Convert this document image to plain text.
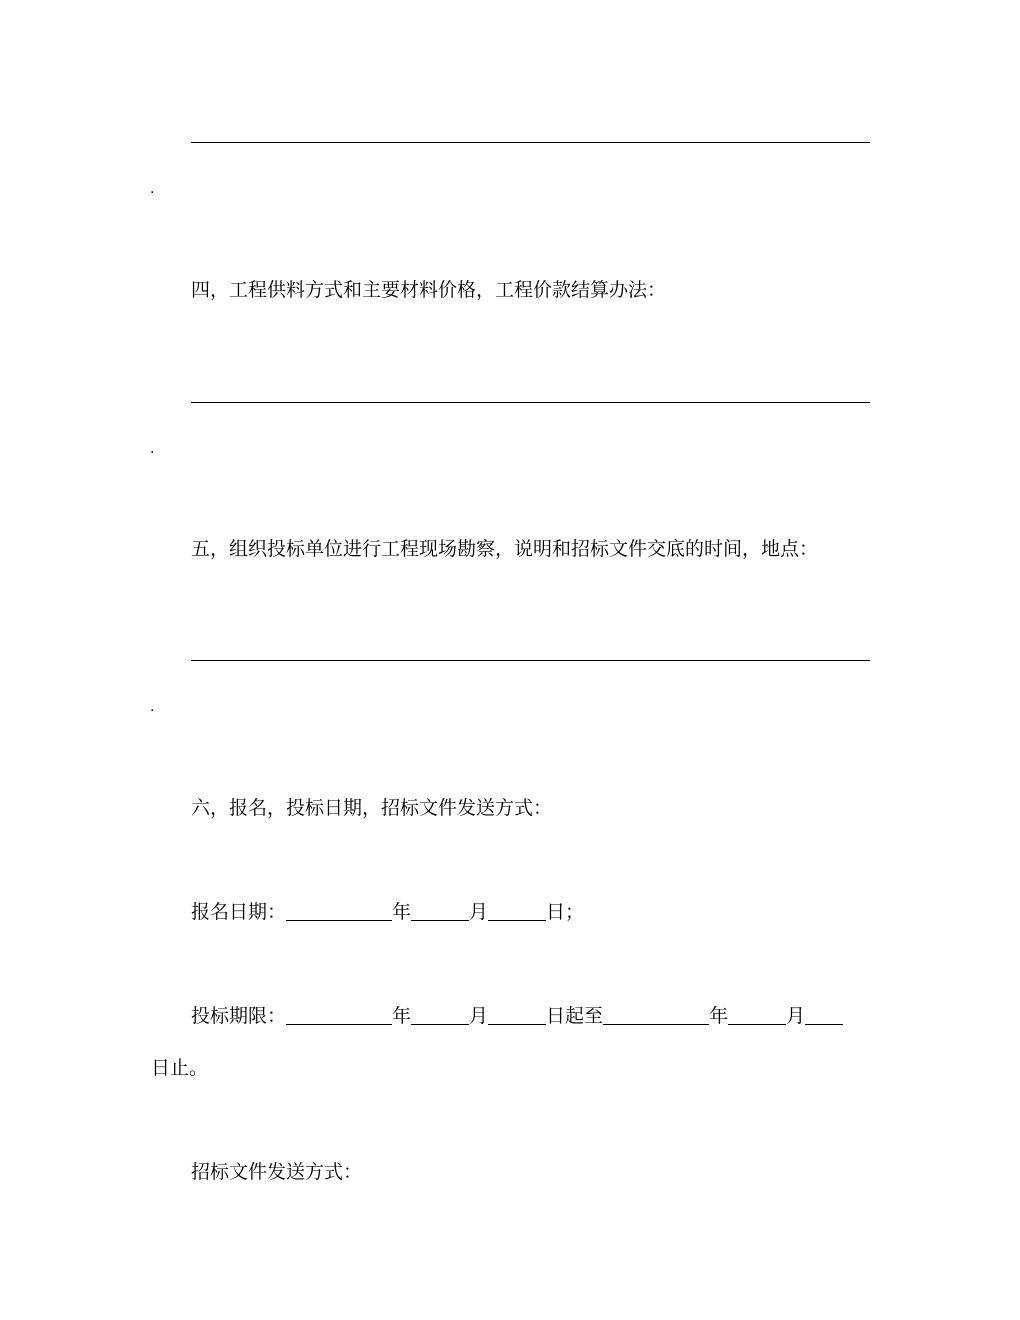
.
四，工程供料方式和主要材料价格，工程价款结算办法：
.
五，组织投标单位进行工程现场勘察，说明和招标文件交底的时间，地点：
.
六，报名，投标日期，招标文件发送方式：
报名日期：	年	月	日；
投标期限：	年	月	日起至	年	月
日止。
招标文件发送方式：
